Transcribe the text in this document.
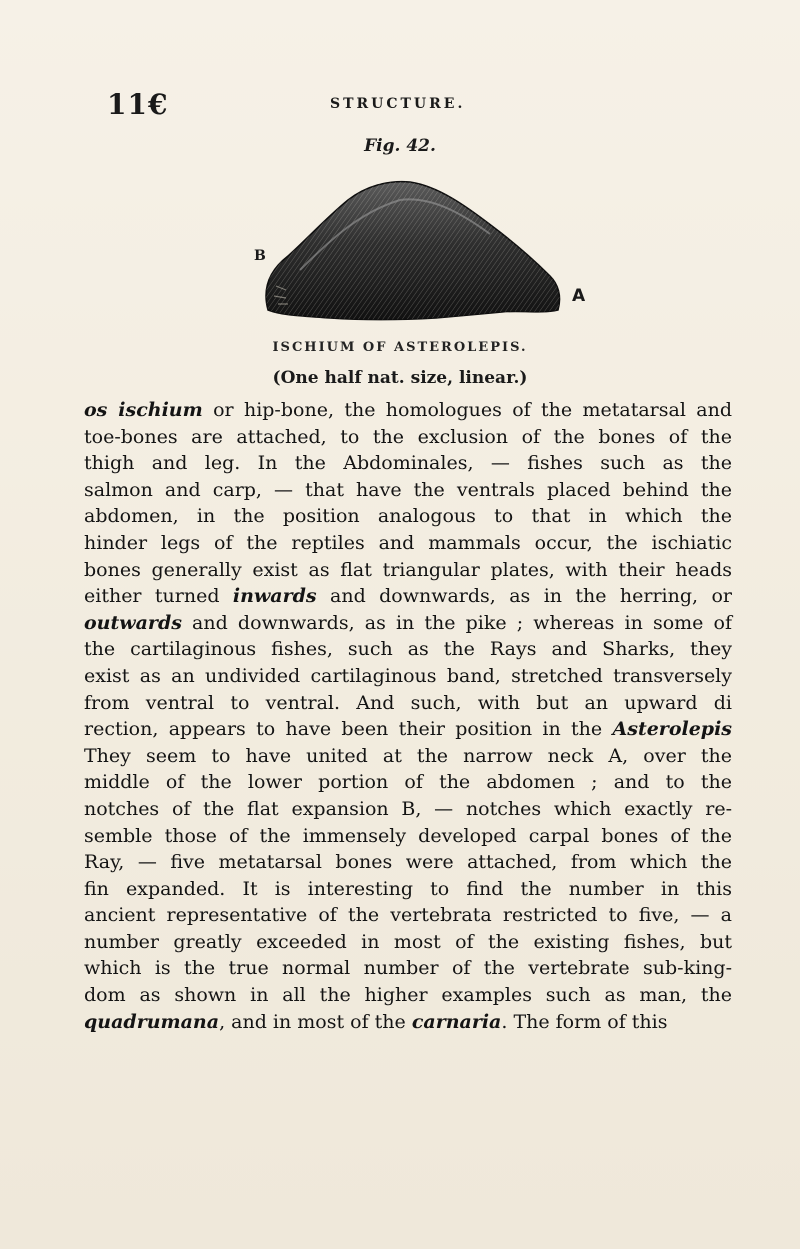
11€	STRUCTURE.
Fig. 42.
B
A
ISCHIUM OF ASTEROLEPIS.
(One half nat. size, linear.)
os ischium or hip-bone, the homologues of the metatarsal and
toe-bones are attached, to the exclusion of the bones of the
thigh and leg. In the Abdominales, — fishes such as the
salmon and carp, — that have the ventrals placed behind the
abdomen, in the position analogous to that in which the
hinder legs of the reptiles and mammals occur, the ischiatic
bones generally exist as flat triangular plates, with their heads
either turned inwards and downwards, as in the herring, or
outwards and downwards, as in the pike ; whereas in some of
the cartilaginous fishes, such as the Rays and Sharks, they
exist as an undivided cartilaginous band, stretched transversely
from ventral to ventral. And such, with but an upward di
rection, appears to have been their position in the Asterolepis
They seem to have united at the narrow neck A, over the
middle of the lower portion of the abdomen ; and to the
notches of the flat expansion B, — notches which exactly re-
semble those of the immensely developed carpal bones of the
Ray, — five metatarsal bones were attached, from which the
fin expanded. It is interesting to find the number in this
ancient representative of the vertebrata restricted to five, — a
number greatly exceeded in most of the existing fishes, but
which is the true normal number of the vertebrate sub-king-
dom as shown in all the higher examples such as man, the
quadrumana, and in most of the carnaria. The form of this
